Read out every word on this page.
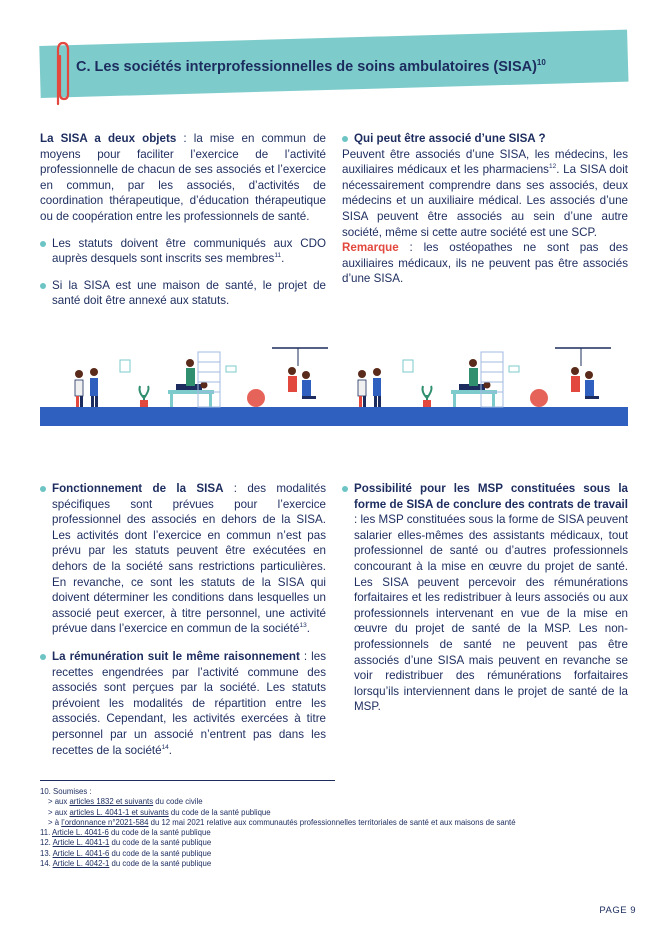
C. Les sociétés interprofessionnelles de soins ambulatoires (SISA)$^{10}$

La SISA a deux objets : la mise en commun de moyens pour faciliter l’exercice de l’activité professionnelle de chacun de ses associés et l’exercice en commun, par les associés, d’activités de coordination thérapeutique, d’éducation thérapeutique ou de coopération entre les professionnels de santé.

Les statuts doivent être communiqués aux CDO auprès desquels sont inscrits ses membres$^{11}$.

Si la SISA est une maison de santé, le projet de santé doit être annexé aux statuts.

Qui peut être associé d’une SISA ?

Peuvent être associés d’une SISA, les médecins, les auxiliaires médicaux et les pharmaciens$^{12}$. La SISA doit nécessairement comprendre dans ses associés, deux médecins et un auxiliaire médical. Les associés d’une SISA peuvent être associés au sein d’une autre société, même si cette autre société est une SCP.

Remarque : les ostéopathes ne sont pas des auxiliaires médicaux, ils ne peuvent pas être associés d’une SISA.

Fonctionnement de la SISA : des modalités spécifiques sont prévues pour l’exercice professionnel des associés en dehors de la SISA. Les activités dont l’exercice en commun n’est pas prévu par les statuts peuvent être exécutées en dehors de la société sans restrictions particulières. En revanche, ce sont les statuts de la SISA qui doivent déterminer les conditions dans lesquelles un associé peut exercer, à titre personnel, une activité prévue dans l’exercice en commun de la société$^{13}$.

La rémunération suit le même raisonnement : les recettes engendrées par l’activité commune des associés sont perçues par la société. Les statuts prévoient les modalités de répartition entre les associés. Cependant, les activités exercées à titre personnel par un associé n’entrent pas dans les recettes de la société$^{14}$.

Possibilité pour les MSP constituées sous la forme de SISA de conclure des contrats de travail : les MSP constituées sous la forme de SISA peuvent salarier elles-mêmes des assistants médicaux, tout professionnel de santé ou d’autres professionnels concourant à la mise en œuvre du projet de santé. Les SISA peuvent percevoir des rémunérations forfaitaires et les redistribuer à leurs associés ou aux professionnels intervenant en vue de la mise en œuvre du projet de santé de la MSP. Les non-professionnels de santé ne peuvent pas être associés d’une SISA mais peuvent en revanche se voir redistribuer des rémunérations forfaitaires lorsqu’ils interviennent dans le projet de santé de la MSP.

10. Soumises :
> aux articles 1832 et suivants du code civile
> aux articles L. 4041-1 et suivants du code de la santé publique
> à l’ordonnance n°2021-584 du 12 mai 2021 relative aux communautés professionnelles territoriales de santé et aux maisons de santé
11. Article L. 4041-6 du code de la santé publique
12. Article L. 4041-1 du code de la santé publique
13. Article L. 4041-6 du code de la santé publique
14. Article L. 4042-1 du code de la santé publique
PAGE 9
